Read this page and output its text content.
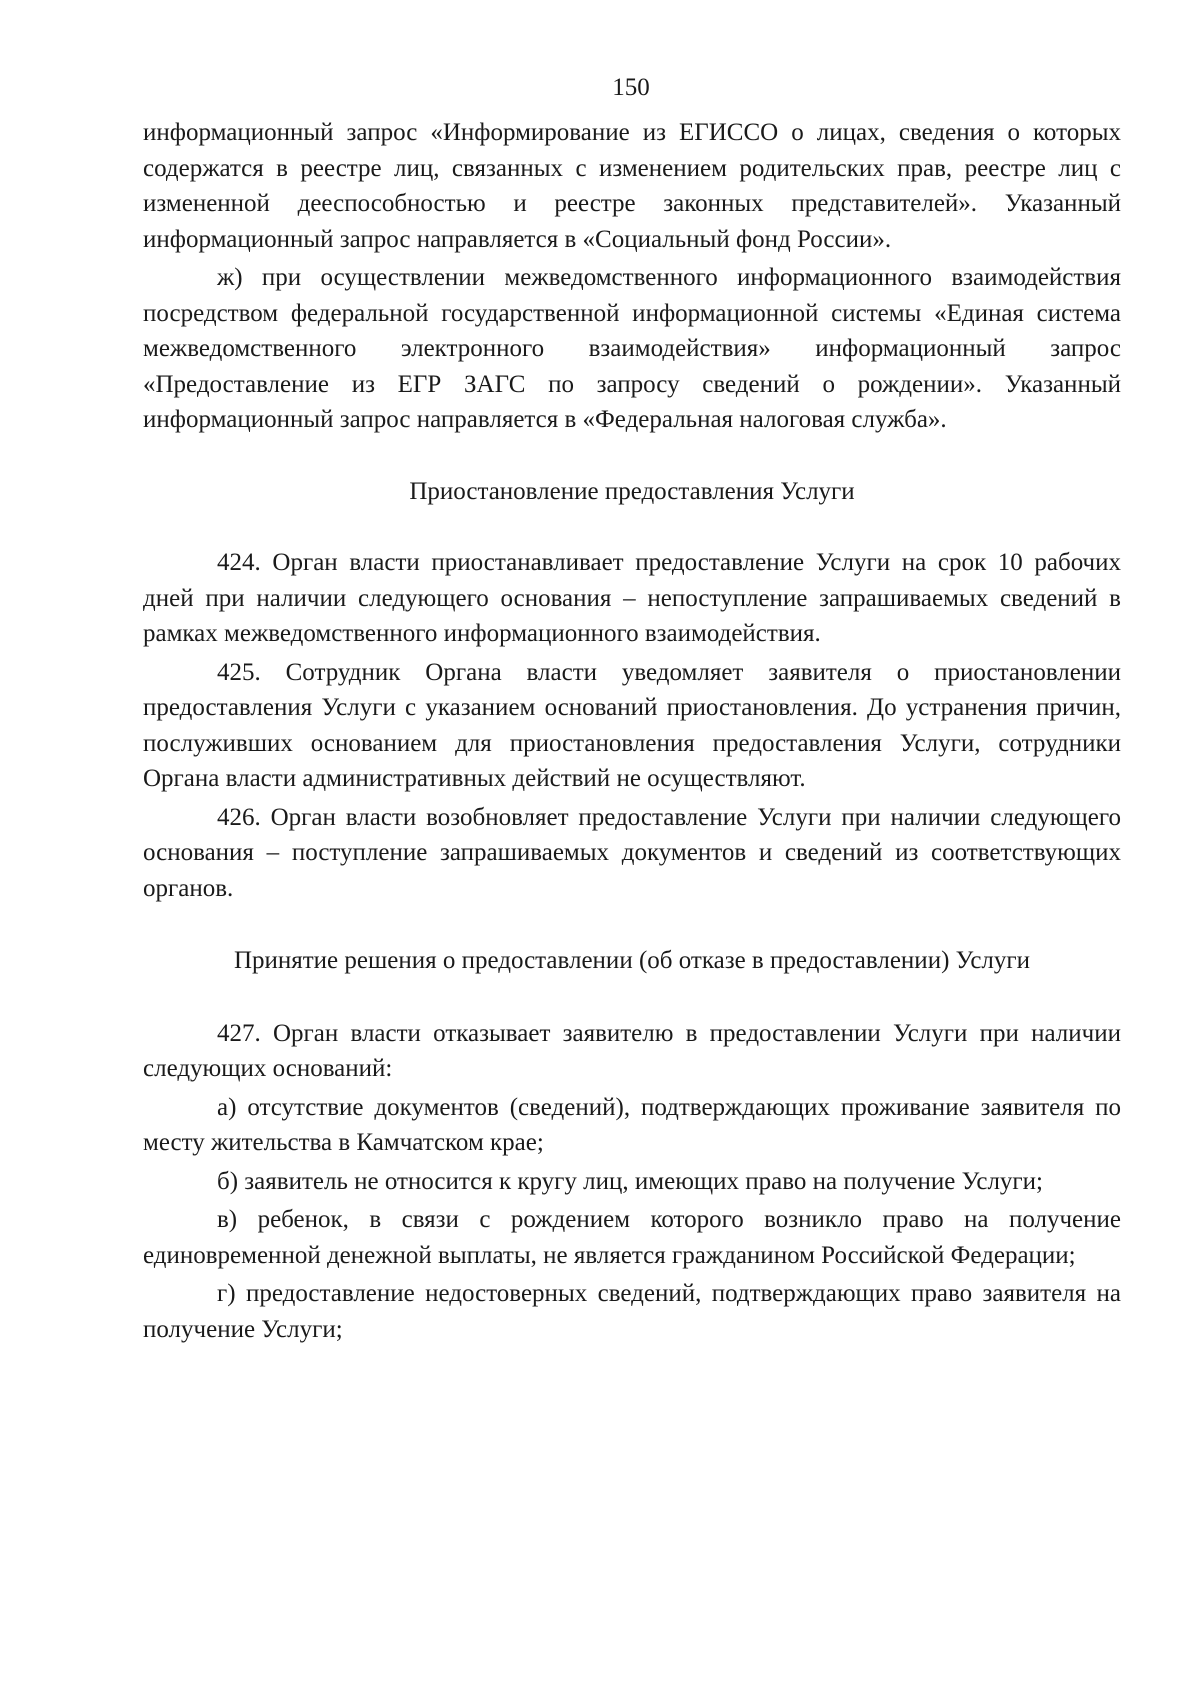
150

информационный запрос «Информирование из ЕГИССО о лицах, сведения о которых содержатся в реестре лиц, связанных с изменением родительских прав, реестре лиц с измененной дееспособностью и реестре законных представителей». Указанный информационный запрос направляется в «Социальный фонд России».

ж) при осуществлении межведомственного информационного взаимодействия посредством федеральной государственной информационной системы «Единая система межведомственного электронного взаимодействия» информационный запрос «Предоставление из ЕГР ЗАГС по запросу сведений о рождении». Указанный информационный запрос направляется в «Федеральная налоговая служба».

Приостановление предоставления Услуги

424. Орган власти приостанавливает предоставление Услуги на срок 10 рабочих дней при наличии следующего основания – непоступление запрашиваемых сведений в рамках межведомственного информационного взаимодействия.

425. Сотрудник Органа власти уведомляет заявителя о приостановлении предоставления Услуги с указанием оснований приостановления. До устранения причин, послуживших основанием для приостановления предоставления Услуги, сотрудники Органа власти административных действий не осуществляют.

426. Орган власти возобновляет предоставление Услуги при наличии следующего основания – поступление запрашиваемых документов и сведений из соответствующих органов.

Принятие решения о предоставлении (об отказе в предоставлении) Услуги

427. Орган власти отказывает заявителю в предоставлении Услуги при наличии следующих оснований:

а) отсутствие документов (сведений), подтверждающих проживание заявителя по месту жительства в Камчатском крае;

б) заявитель не относится к кругу лиц, имеющих право на получение Услуги;

в) ребенок, в связи с рождением которого возникло право на получение единовременной денежной выплаты, не является гражданином Российской Федерации;

г) предоставление недостоверных сведений, подтверждающих право заявителя на получение Услуги;
